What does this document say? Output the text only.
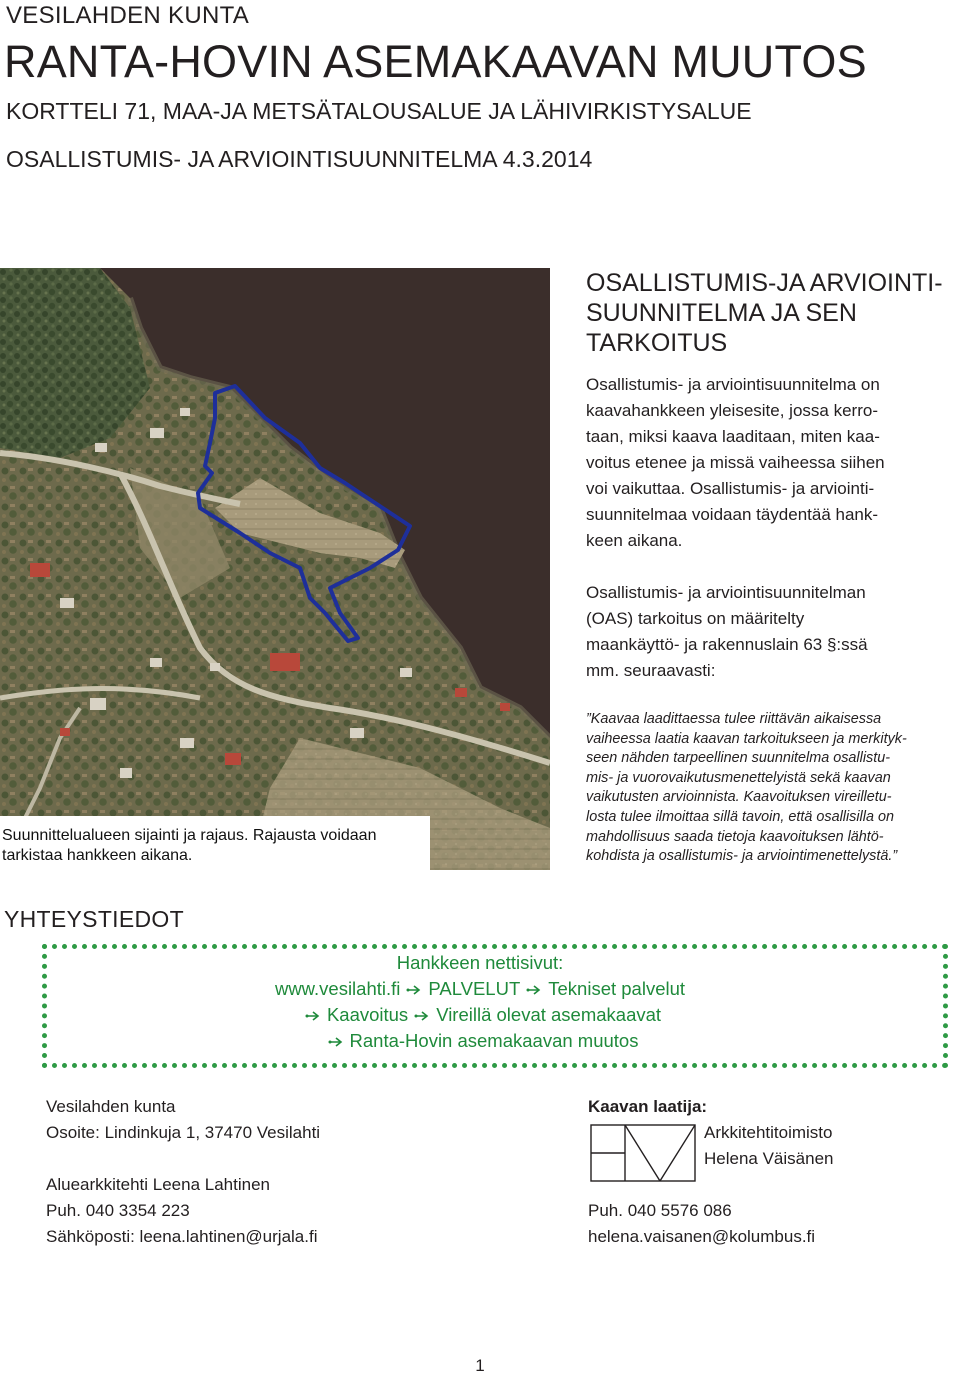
VESILAHDEN KUNTA
RANTA-HOVIN ASEMAKAAVAN MUUTOS
KORTTELI 71, MAA-JA METSÄTALOUSALUE JA LÄHIVIRKISTYSALUE
OSALLISTUMIS- JA ARVIOINTISUUNNITELMA 4.3.2014
Suunnittelualueen sijainti ja rajaus. Rajausta voidaan
tarkistaa hankkeen aikana.
OSALLISTUMIS-JA ARVIOINTI-
SUUNNITELMA JA SEN
TARKOITUS
Osallistumis- ja arviointisuunnitelma on
kaavahankkeen yleisesite, jossa kerro-
taan, miksi kaava laaditaan, miten kaa-
voitus etenee ja missä vaiheessa siihen
voi vaikuttaa. Osallistumis- ja arviointi-
suunnitelmaa voidaan täydentää hank-
keen aikana.
Osallistumis- ja arviointisuunnitelman
(OAS) tarkoitus on määritelty
maankäyttö- ja rakennuslain 63 §:ssä
mm. seuraavasti:
”Kaavaa laadittaessa tulee riittävän aikaisessa
vaiheessa laatia kaavan tarkoitukseen ja merkityk-
seen nähden tarpeellinen suunnitelma osallistu-
mis- ja vuorovaikutusmenettelyistä sekä kaavan
vaikutusten arvioinnista. Kaavoituksen vireilletu-
losta tulee ilmoittaa sillä tavoin, että osallisilla on
mahdollisuus saada tietoja kaavoituksen lähtö-
kohdista ja osallistumis- ja arviointimenettelystä.”
YHTEYSTIEDOT
Hankkeen nettisivut:
www.vesilahti.fi PALVELUT Tekniset palvelut
Kaavoitus Vireillä olevat asemakaavat
Ranta-Hovin asemakaavan muutos
Vesilahden kunta
Osoite: Lindinkuja 1, 37470 Vesilahti
Aluearkkitehti Leena Lahtinen
Puh. 040 3354 223
Sähköposti: leena.lahtinen@urjala.fi
Kaavan laatija:
Puh. 040 5576 086
helena.vaisanen@kolumbus.fi
Arkkitehtitoimisto
Helena Väisänen
1
